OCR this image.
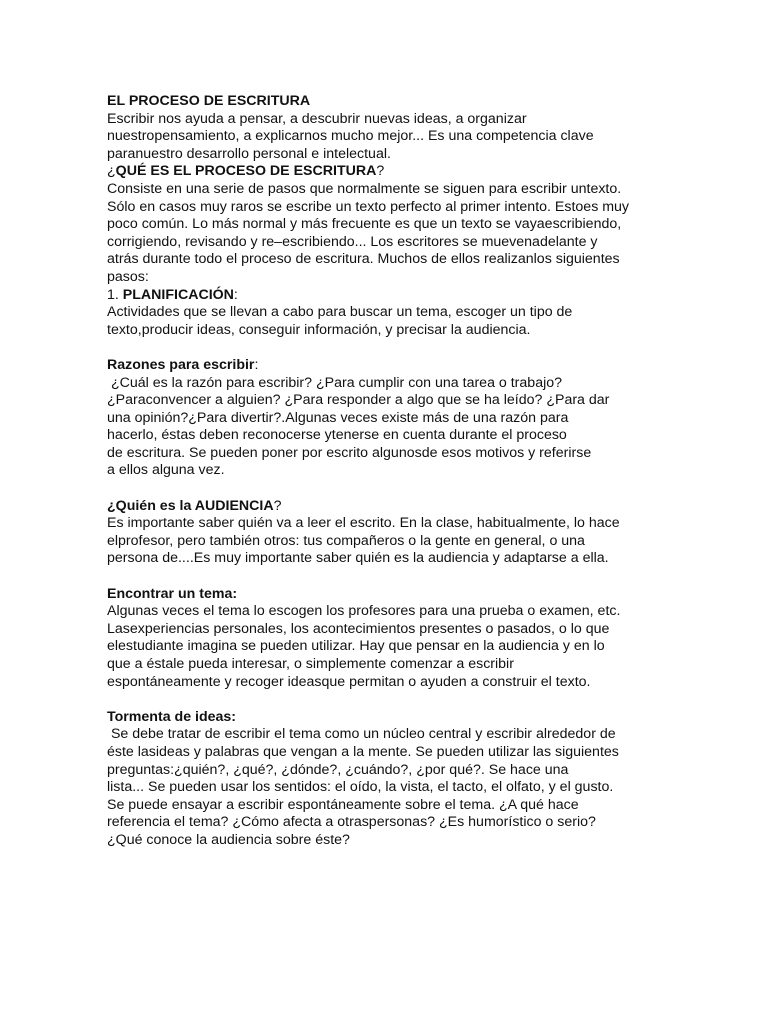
EL PROCESO DE ESCRITURA
Escribir nos ayuda a pensar, a descubrir nuevas ideas, a organizar
nuestropensamiento, a explicarnos mucho mejor... Es una competencia clave
paranuestro desarrollo personal e intelectual.
¿QUÉ ES EL PROCESO DE ESCRITURA?
Consiste en una serie de pasos que normalmente se siguen para escribir untexto.
Sólo en casos muy raros se escribe un texto perfecto al primer intento. Estoes muy
poco común. Lo más normal y más frecuente es que un texto se vayaescribiendo,
corrigiendo, revisando y re–escribiendo... Los escritores se muevenadelante y
atrás durante todo el proceso de escritura. Muchos de ellos realizanlos siguientes
pasos:
1. PLANIFICACIÓN:
Actividades que se llevan a cabo para buscar un tema, escoger un tipo de
texto,producir ideas, conseguir información, y precisar la audiencia.
Razones para escribir:
¿Cuál es la razón para escribir? ¿Para cumplir con una tarea o trabajo?
¿Paraconvencer a alguien? ¿Para responder a algo que se ha leído? ¿Para dar
una opinión?¿Para divertir?.Algunas veces existe más de una razón para
hacerlo, éstas deben reconocerse ytenerse en cuenta durante el proceso
de escritura. Se pueden poner por escrito algunosde esos motivos y referirse
a ellos alguna vez.
¿Quién es la AUDIENCIA?
Es importante saber quién va a leer el escrito. En la clase, habitualmente, lo hace
elprofesor, pero también otros: tus compañeros o la gente en general, o una
persona de....Es muy importante saber quién es la audiencia y adaptarse a ella.
Encontrar un tema:
Algunas veces el tema lo escogen los profesores para una prueba o examen, etc.
Lasexperiencias personales, los acontecimientos presentes o pasados, o lo que
elestudiante imagina se pueden utilizar. Hay que pensar en la audiencia y en lo
que a éstale pueda interesar, o simplemente comenzar a escribir
espontáneamente y recoger ideasque permitan o ayuden a construir el texto.
Tormenta de ideas:
Se debe tratar de escribir el tema como un núcleo central y escribir alrededor de
éste lasideas y palabras que vengan a la mente. Se pueden utilizar las siguientes
preguntas:¿quién?, ¿qué?, ¿dónde?, ¿cuándo?, ¿por qué?. Se hace una
lista... Se pueden usar los sentidos: el oído, la vista, el tacto, el olfato, y el gusto.
Se puede ensayar a escribir espontáneamente sobre el tema. ¿A qué hace
referencia el tema? ¿Cómo afecta a otraspersonas? ¿Es humorístico o serio?
¿Qué conoce la audiencia sobre éste?
